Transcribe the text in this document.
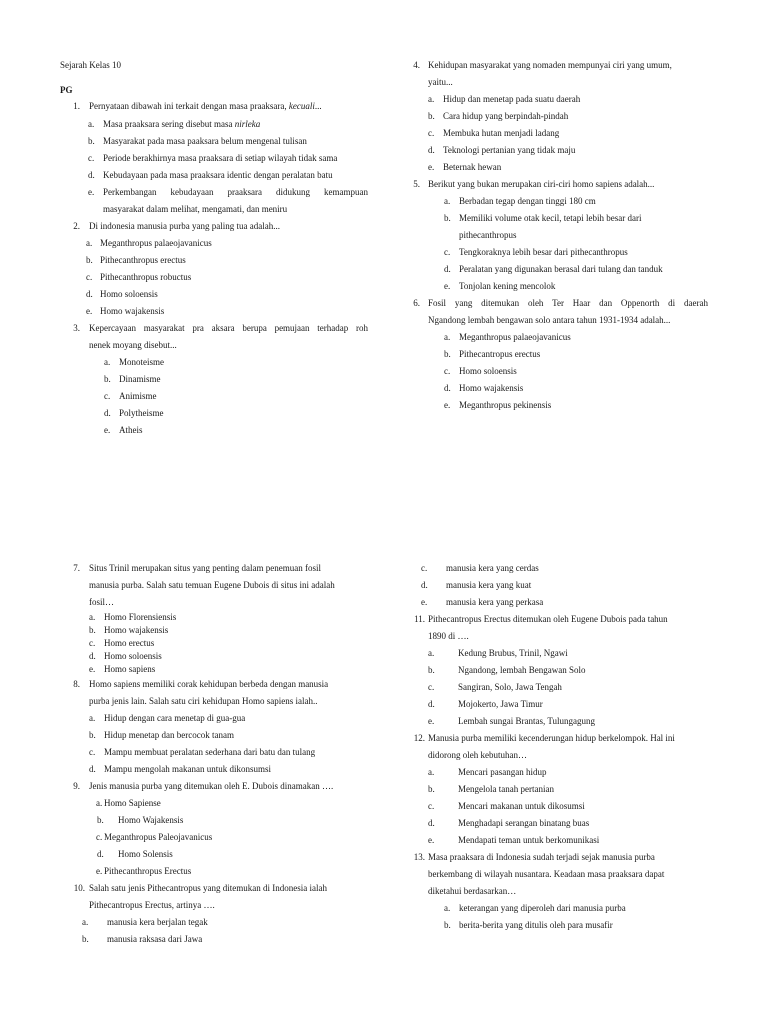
Sejarah Kelas 10
PG
1. Pernyataan dibawah ini terkait dengan masa praaksara, kecuali...
a. Masa praaksara sering disebut masa nirleka
b. Masyarakat pada masa paaksara belum mengenal tulisan
c. Periode berakhirnya masa praaksara di setiap wilayah tidak sama
d. Kebudayaan pada masa praaksara identic dengan peralatan batu
e. Perkembangan kebudayaan praaksara didukung kemampuan
masyarakat dalam melihat, mengamati, dan meniru
2. Di indonesia manusia purba yang paling tua adalah...
a. Meganthropus palaeojavanicus
b. Pithecanthropus erectus
c. Pithecanthropus robuctus
d. Homo soloensis
e. Homo wajakensis
3. Kepercayaan masyarakat pra aksara berupa pemujaan terhadap roh
nenek moyang disebut...
a. Monoteisme
b. Dinamisme
c. Animisme
d. Polytheisme
e. Atheis
4. Kehidupan masyarakat yang nomaden mempunyai ciri yang umum,
yaitu...
a. Hidup dan menetap pada suatu daerah
b. Cara hidup yang berpindah-pindah
c. Membuka hutan menjadi ladang
d. Teknologi pertanian yang tidak maju
e. Beternak hewan
5. Berikut yang bukan merupakan ciri-ciri homo sapiens adalah...
a. Berbadan tegap dengan tinggi 180 cm
b. Memiliki volume otak kecil, tetapi lebih besar dari
pithecanthropus
c. Tengkoraknya lebih besar dari pithecanthropus
d. Peralatan yang digunakan berasal dari tulang dan tanduk
e. Tonjolan kening mencolok
6. Fosil yang ditemukan oleh Ter Haar dan Oppenorth di daerah
Ngandong lembah bengawan solo antara tahun 1931-1934 adalah...
a. Meganthropus palaeojavanicus
b. Pithecantropus erectus
c. Homo soloensis
d. Homo wajakensis
e. Meganthropus pekinensis
7. Situs Trinil merupakan situs yang penting dalam penemuan fosil
manusia purba. Salah satu temuan Eugene Dubois di situs ini adalah
fosil…
a. Homo Florensiensis
b. Homo wajakensis
c. Homo erectus
d. Homo soloensis
e. Homo sapiens
8. Homo sapiens memiliki corak kehidupan berbeda dengan manusia
purba jenis lain. Salah satu ciri kehidupan Homo sapiens ialah..
a. Hidup dengan cara menetap di gua-gua
b. Hidup menetap dan bercocok tanam
c. Mampu membuat peralatan sederhana dari batu dan tulang
d. Mampu mengolah makanan untuk dikonsumsi
9. Jenis manusia purba yang ditemukan oleh E. Dubois dinamakan ….
a. Homo Sapiense
b. Homo Wajakensis
c. Meganthropus Paleojavanicus
d. Homo Solensis
e. Pithecanthropus Erectus
10. Salah satu jenis Pithecantropus yang ditemukan di Indonesia ialah
Pithecantropus Erectus, artinya ….
a. manusia kera berjalan tegak
b. manusia raksasa dari Jawa
c. manusia kera yang cerdas
d. manusia kera yang kuat
e. manusia kera yang perkasa
11. Pithecantropus Erectus ditemukan oleh Eugene Dubois pada tahun
1890 di ….
a.	Kedung Brubus, Trinil, Ngawi
b.	Ngandong, lembah Bengawan Solo
c.	Sangiran, Solo, Jawa Tengah
d.	Mojokerto, Jawa Timur
e.	Lembah sungai Brantas, Tulungagung
12. Manusia purba memiliki kecenderungan hidup berkelompok. Hal ini
didorong oleh kebutuhan…
a.	Mencari pasangan hidup
b.	Mengelola tanah pertanian
c.	Mencari makanan untuk dikosumsi
d.	Menghadapi serangan binatang buas
e.	Mendapati teman untuk berkomunikasi
13. Masa praaksara di Indonesia sudah terjadi sejak manusia purba
berkembang di wilayah nusantara. Keadaan masa praaksara dapat
diketahui berdasarkan…
a. keterangan yang diperoleh dari manusia purba
b. berita-berita yang ditulis oleh para musafir
